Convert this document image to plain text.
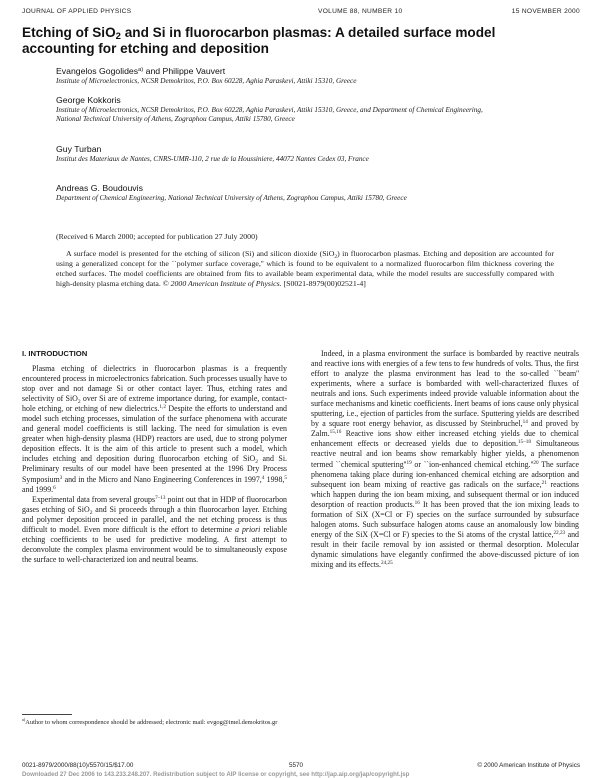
JOURNAL OF APPLIED PHYSICS	VOLUME 88, NUMBER 10	15 NOVEMBER 2000
Etching of SiO$_2$ and Si in fluorocarbon plasmas: A detailed surface model
accounting for etching and deposition
Evangelos Gogolides$^{a)}$ and Philippe Vauvert
Institute of Microelectronics, NCSR Demokritos, P.O. Box 60228, Aghia Paraskevi, Attiki 15310, Greece
George Kokkoris
Institute of Microelectronics, NCSR Demokritos, P.O. Box 60228, Aghia Paraskevi, Attiki 15310, Greece, and Department of Chemical Engineering, National Technical University of Athens, Zographou Campus, Attiki 15780, Greece
Guy Turban
Institut des Materiaux de Nantes, CNRS-UMR-110, 2 rue de la Houssiniere, 44072 Nantes Cedex 03, France
Andreas G. Boudouvis
Department of Chemical Engineering, National Technical University of Athens, Zographou Campus, Attiki 15780, Greece
(Received 6 March 2000; accepted for publication 27 July 2000)
A surface model is presented for the etching of silicon (Si) and silicon dioxide (SiO$_2$) in fluorocarbon plasmas. Etching and deposition are accounted for using a generalized concept for the ``polymer surface coverage,'' which is found to be equivalent to a normalized fluorocarbon film thickness covering the etched surfaces. The model coefficients are obtained from fits to available beam experimental data, while the model results are successfully compared with high-density plasma etching data. © 2000 American Institute of Physics. [S0021-8979(00)02521-4]
I. INTRODUCTION

Plasma etching of dielectrics in fluorocarbon plasmas is a frequently encountered process in microelectronics fabrication. Such processes usually have to stop over and not damage Si or other contact layer. Thus, etching rates and selectivity of SiO$_2$ over Si are of extreme importance during, for example, contact-hole etching, or etching of new dielectrics.$^{1,2}$ Despite the efforts to understand and model such etching processes, simulation of the surface phenomena with accurate and general model coefficients is still lacking. The need for simulation is even greater when high-density plasma (HDP) reactors are used, due to strong polymer deposition effects. It is the aim of this article to present such a model, which includes etching and deposition during fluorocarbon etching of SiO$_2$ and Si. Preliminary results of our model have been presented at the 1996 Dry Process Symposium$^3$ and in the Micro and Nano Engineering Conferences in 1997,$^4$ 1998,$^5$ and 1999.$^6$

Experimental data from several groups$^{7-13}$ point out that in HDP of fluorocarbon gases etching of SiO$_2$ and Si proceeds through a thin fluorocarbon layer. Etching and polymer deposition proceed in parallel, and the net etching process is thus difficult to model. Even more difficult is the effort to determine a priori reliable etching coefficients to be used for predictive modeling. A first attempt to deconvolute the complex plasma environment would be to simultaneously expose the surface to well-characterized ion and neutral beams.

Indeed, in a plasma environment the surface is bombarded by reactive neutrals and reactive ions with energies of a few tens to few hundreds of volts. Thus, the first effort to analyze the plasma environment has lead to the so-called ``beam'' experiments, where a surface is bombarded with well-characterized fluxes of neutrals and ions. Such experiments indeed provide valuable information about the surface mechanisms and kinetic coefficients. Inert beams of ions cause only physical sputtering, i.e., ejection of particles from the surface. Sputtering yields are described by a square root energy behavior, as discussed by Steinbruchel,$^{14}$ and proved by Zalm.$^{15,16}$ Reactive ions show either increased etching yields due to chemical enhancement effects or decreased yields due to deposition.$^{15-18}$ Simultaneous reactive neutral and ion beams show remarkably higher yields, a phenomenon termed ``chemical $sputtering''^{19}$ or ``ion-enhanced chemical $etching.''^{20}$ The surface phenomena taking place during ion-enhanced chemical etching are adsorption and subsequent ion beam mixing of reactive gas radicals on the surface,$^{21}$ reactions which happen during the ion beam mixing, and subsequent thermal or ion induced desorption of reaction products.$^{16}$ It has been proved that the ion mixing leads to formation of SiX (X=Cl or F) species on the surface surrounded by subsurface halogen atoms. Such subsurface halogen atoms cause an anomalously low binding energy of the SiX (X=Cl or F) species to the Si atoms of the crystal lattice,$^{22,23}$ and result in their facile removal by ion assisted or thermal desorption. Molecular dynamic simulations have elegantly confirmed the above-discussed picture of ion mixing and its effects.$^{24,25}$

$^{a)}$Author to whom correspondence should be addressed; electronic mail: evgog@imel.demokritos.gr
0021-8979/2000/88(10)/5570/15/$17.00	5570	© 2000 American Institute of Physics
Downloaded 27 Dec 2006 to 143.233.248.207. Redistribution subject to AIP license or copyright, see http://jap.aip.org/jap/copyright.jsp
